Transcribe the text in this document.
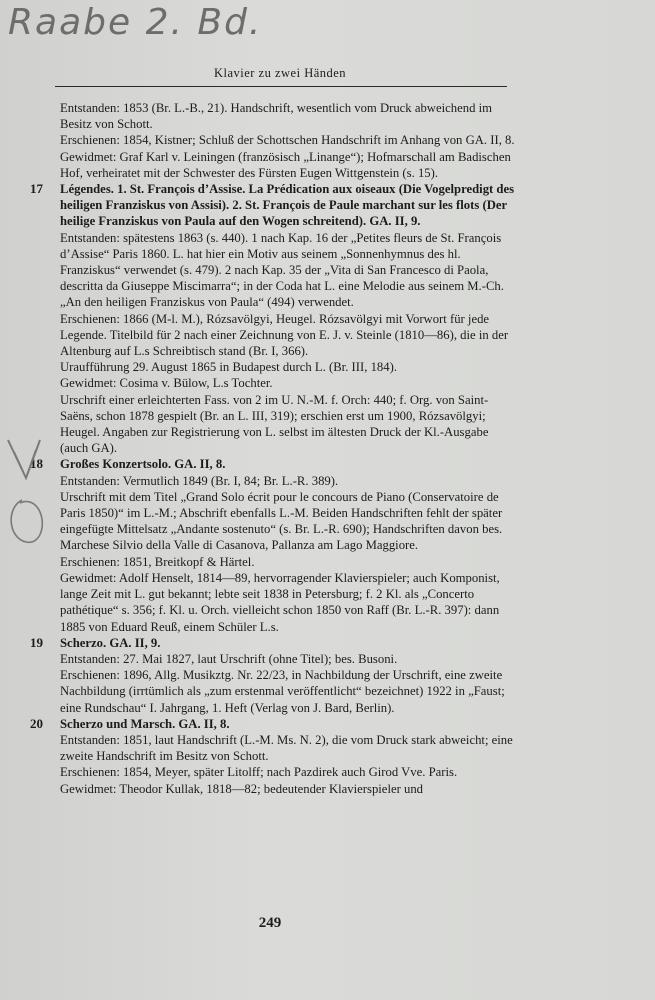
Raabe 2. Bd.
Klavier zu zwei Händen

Entstanden: 1853 (Br. L.-B., 21). Handschrift, wesentlich vom Druck abweichend im Besitz von Schott.

Erschienen: 1854, Kistner; Schluß der Schottschen Handschrift im Anhang von GA. II, 8.

Gewidmet: Graf Karl v. Leiningen (französisch „Linange“); Hofmarschall am Badischen Hof, verheiratet mit der Schwester des Fürsten Eugen Wittgenstein (s. 15).

17 Légendes. 1. St. François d’Assise. La Prédication aux oiseaux (Die Vogelpredigt des heiligen Franziskus von Assisi). 2. St. François de Paule marchant sur les flots (Der heilige Franziskus von Paula auf den Wogen schreitend). GA. II, 9.

Entstanden: spätestens 1863 (s. 440). 1 nach Kap. 16 der „Petites fleurs de St. François d’Assise“ Paris 1860. L. hat hier ein Motiv aus seinem „Sonnenhymnus des hl. Franziskus“ verwendet (s. 479). 2 nach Kap. 35 der „Vita di San Francesco di Paola, descritta da Giuseppe Miscimarra“; in der Coda hat L. eine Melodie aus seinem M.-Ch. „An den heiligen Franziskus von Paula“ (494) verwendet.

Erschienen: 1866 (M-l. M.), Rózsavölgyi, Heugel. Rózsavölgyi mit Vorwort für jede Legende. Titelbild für 2 nach einer Zeichnung von E. J. v. Steinle (1810—86), die in der Altenburg auf L.s Schreibtisch stand (Br. I, 366).

Uraufführung 29. August 1865 in Budapest durch L. (Br. III, 184).

Gewidmet: Cosima v. Bülow, L.s Tochter.

Urschrift einer erleichterten Fass. von 2 im U. N.-M. f. Orch: 440; f. Org. von Saint-Saëns, schon 1878 gespielt (Br. an L. III, 319); erschien erst um 1900, Rózsavölgyi; Heugel. Angaben zur Registrierung von L. selbst im ältesten Druck der Kl.-Ausgabe (auch GA).

18 Großes Konzertsolo. GA. II, 8.

Entstanden: Vermutlich 1849 (Br. I, 84; Br. L.-R. 389).

Urschrift mit dem Titel „Grand Solo écrit pour le concours de Piano (Conservatoire de Paris 1850)“ im L.-M.; Abschrift ebenfalls L.-M. Beiden Handschriften fehlt der später eingefügte Mittelsatz „Andante sostenuto“ (s. Br. L.-R. 690); Handschriften davon bes. Marchese Silvio della Valle di Casanova, Pallanza am Lago Maggiore.

Erschienen: 1851, Breitkopf & Härtel.

Gewidmet: Adolf Henselt, 1814—89, hervorragender Klavierspieler; auch Komponist, lange Zeit mit L. gut bekannt; lebte seit 1838 in Petersburg; f. 2 Kl. als „Concerto pathétique“ s. 356; f. Kl. u. Orch. vielleicht schon 1850 von Raff (Br. L.-R. 397): dann 1885 von Eduard Reuß, einem Schüler L.s.

19 Scherzo. GA. II, 9.

Entstanden: 27. Mai 1827, laut Urschrift (ohne Titel); bes. Busoni.

Erschienen: 1896, Allg. Musikztg. Nr. 22/23, in Nachbildung der Urschrift, eine zweite Nachbildung (irrtümlich als „zum erstenmal veröffentlicht“ bezeichnet) 1922 in „Faust; eine Rundschau“ I. Jahrgang, 1. Heft (Verlag von J. Bard, Berlin).

20 Scherzo und Marsch. GA. II, 8.

Entstanden: 1851, laut Handschrift (L.-M. Ms. N. 2), die vom Druck stark abweicht; eine zweite Handschrift im Besitz von Schott.

Erschienen: 1854, Meyer, später Litolff; nach Pazdirek auch Girod Vve. Paris.

Gewidmet: Theodor Kullak, 1818—82; bedeutender Klavierspieler und

249
